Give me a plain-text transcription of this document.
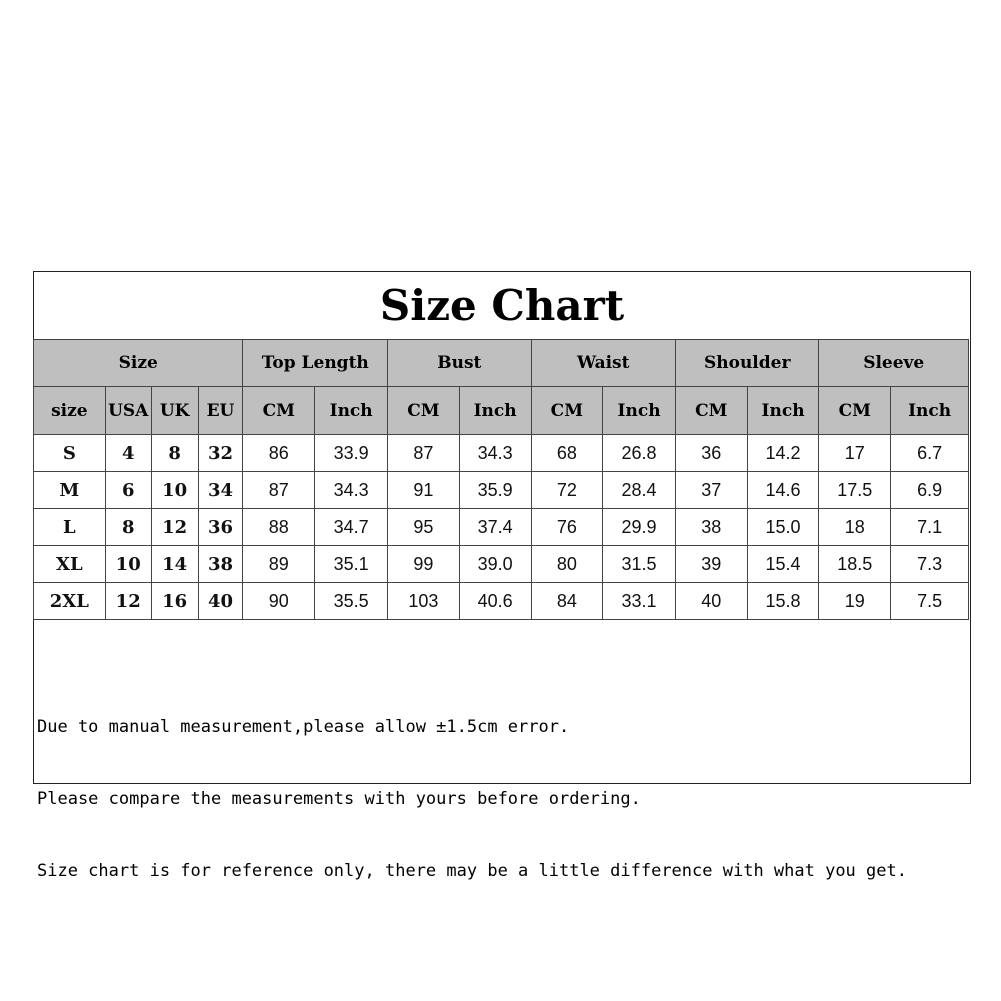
Size Chart
Size				Top Length		Bust		Waist		Shoulder		Sleeve	
size	USA	UK	EU	CM	Inch	CM	Inch	CM	Inch	CM	Inch	CM	Inch
S	4	8	32	86	33.9	87	34.3	68	26.8	36	14.2	17	6.7
M	6	10	34	87	34.3	91	35.9	72	28.4	37	14.6	17.5	6.9
L	8	12	36	88	34.7	95	37.4	76	29.9	38	15.0	18	7.1
XL	10	14	38	89	35.1	99	39.0	80	31.5	39	15.4	18.5	7.3
2XL	12	16	40	90	35.5	103	40.6	84	33.1	40	15.8	19	7.5

Due to manual measurement,please allow ±1.5cm error.

Please compare the measurements with yours before ordering.

Size chart is for reference only, there may be a little difference with what you get.
